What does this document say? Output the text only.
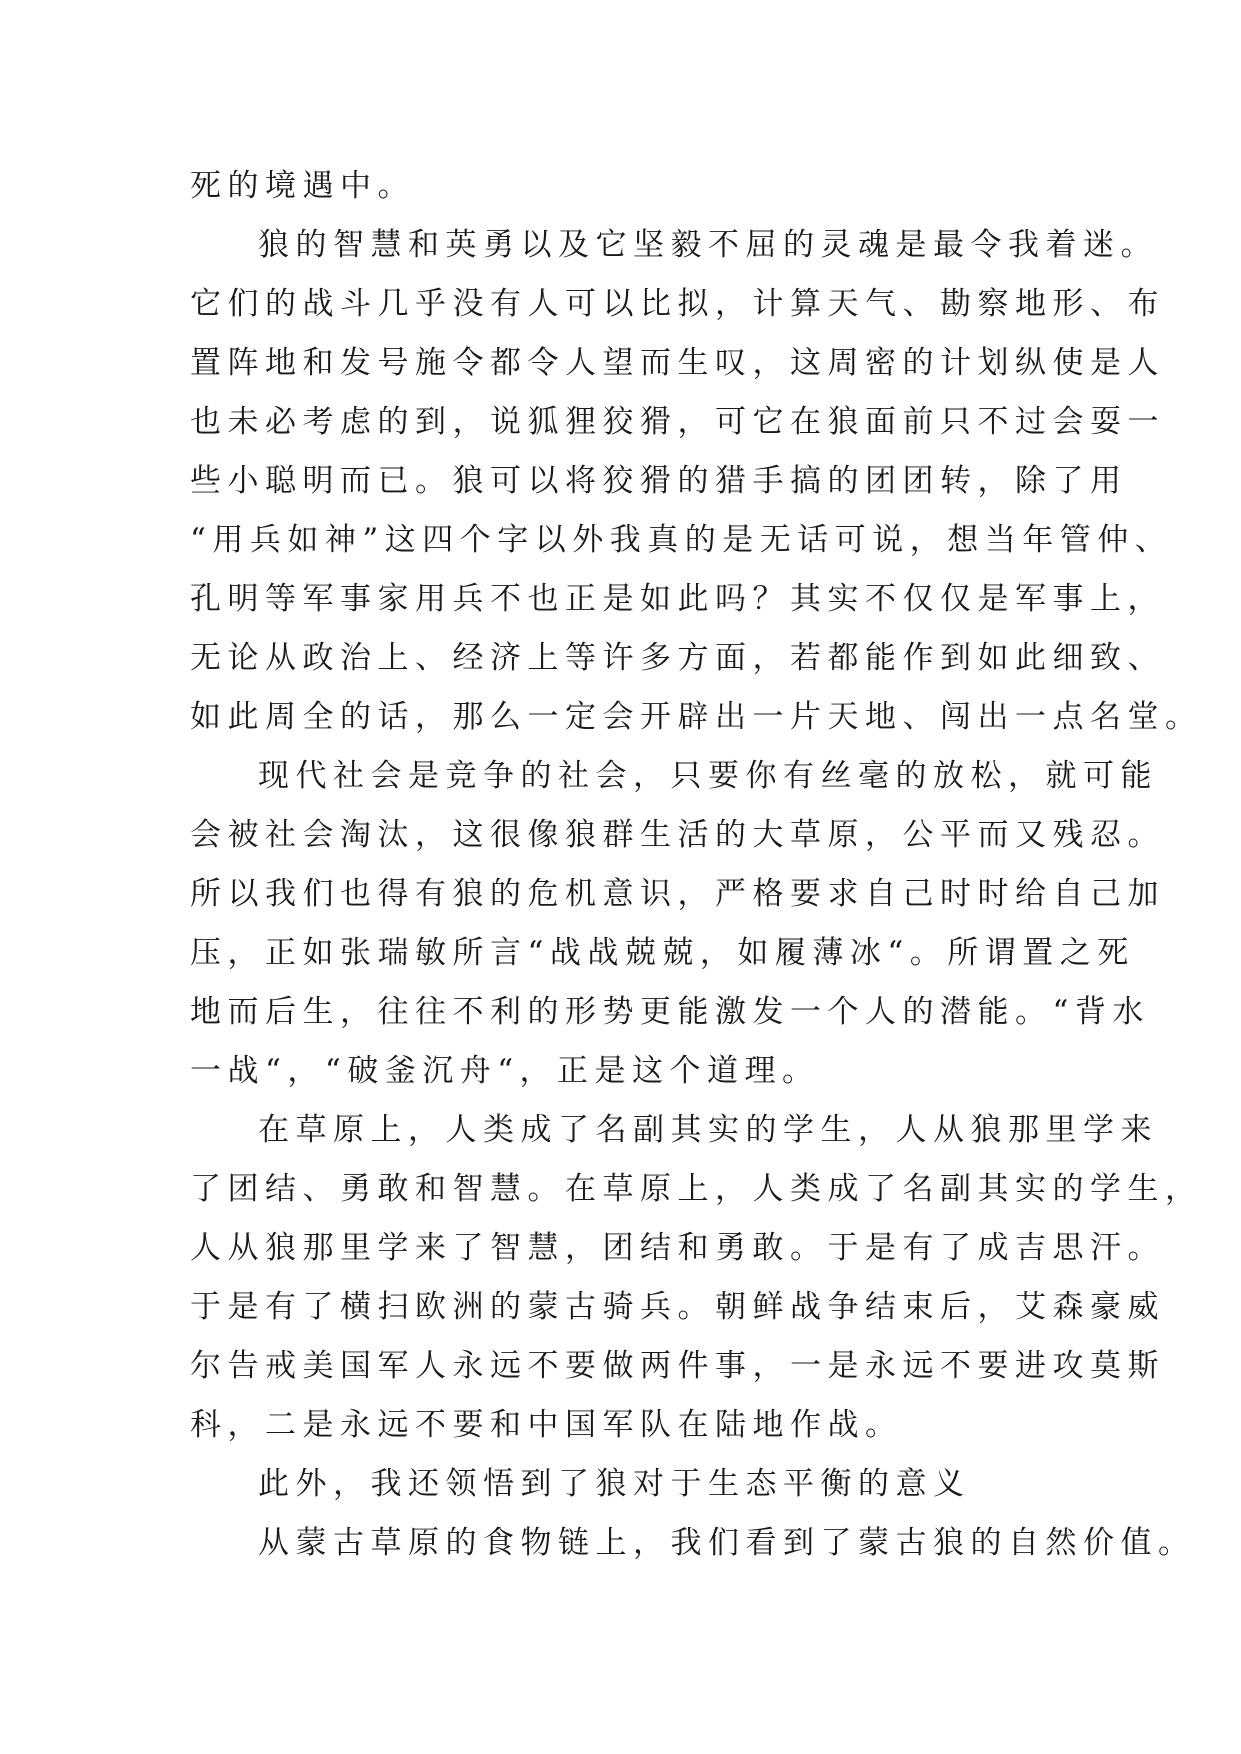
死的境遇中。
狼的智慧和英勇以及它坚毅不屈的灵魂是最令我着迷。
它们的战斗几乎没有人可以比拟，计算天气、勘察地形、布
置阵地和发号施令都令人望而生叹，这周密的计划纵使是人
也未必考虑的到，说狐狸狡猾，可它在狼面前只不过会耍一
些小聪明而已。狼可以将狡猾的猎手搞的团团转，除了用
“用兵如神”这四个字以外我真的是无话可说，想当年管仲、
孔明等军事家用兵不也正是如此吗？其实不仅仅是军事上，
无论从政治上、经济上等许多方面，若都能作到如此细致、
如此周全的话，那么一定会开辟出一片天地、闯出一点名堂。
现代社会是竞争的社会，只要你有丝毫的放松，就可能
会被社会淘汰，这很像狼群生活的大草原，公平而又残忍。
所以我们也得有狼的危机意识，严格要求自己时时给自己加
压，正如张瑞敏所言“战战兢兢，如履薄冰“。所谓置之死
地而后生，往往不利的形势更能激发一个人的潜能。“背水
一战“，“破釜沉舟“，正是这个道理。
在草原上，人类成了名副其实的学生，人从狼那里学来
了团结、勇敢和智慧。在草原上，人类成了名副其实的学生，
人从狼那里学来了智慧，团结和勇敢。于是有了成吉思汗。
于是有了横扫欧洲的蒙古骑兵。朝鲜战争结束后，艾森豪威
尔告戒美国军人永远不要做两件事，一是永远不要进攻莫斯
科，二是永远不要和中国军队在陆地作战。
此外，我还领悟到了狼对于生态平衡的意义
从蒙古草原的食物链上，我们看到了蒙古狼的自然价值。
